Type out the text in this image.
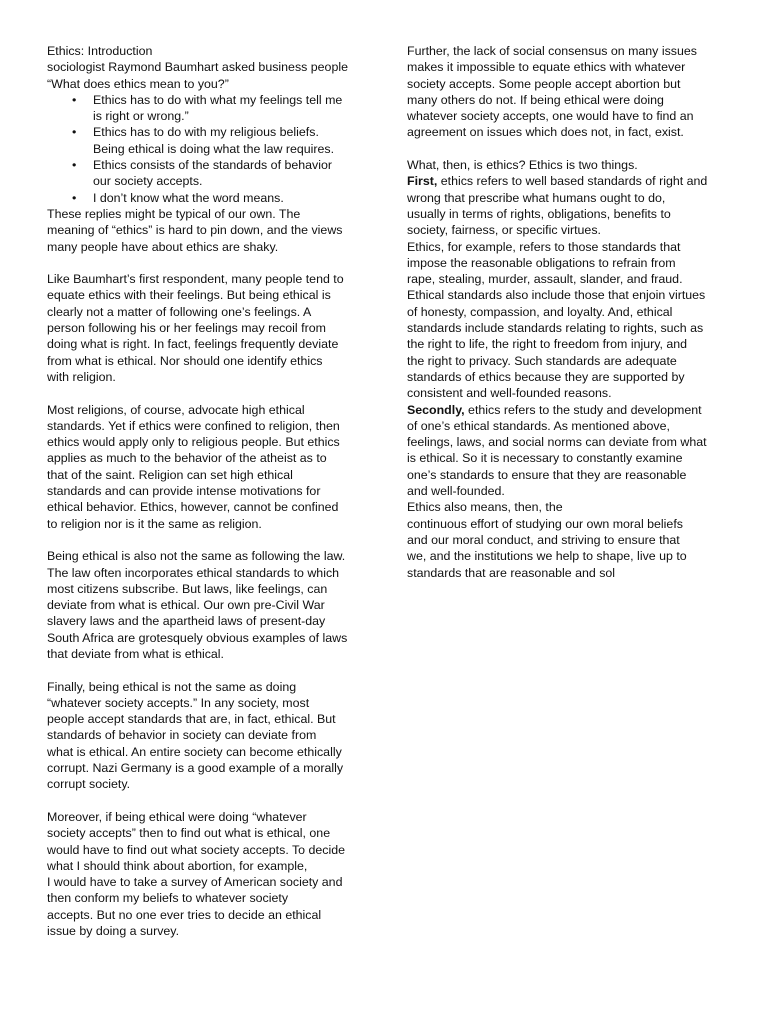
Ethics: Introduction

sociologist Raymond Baumhart asked business people
“What does ethics mean to you?”

• Ethics has to do with what my feelings tell me
is right or wrong.”
• Ethics has to do with my religious beliefs.
Being ethical is doing what the law requires.
• Ethics consists of the standards of behavior
our society accepts.
• I don’t know what the word means.

These replies might be typical of our own. The
meaning of “ethics” is hard to pin down, and the views
many people have about ethics are shaky.

Like Baumhart’s first respondent, many people tend to
equate ethics with their feelings. But being ethical is
clearly not a matter of following one’s feelings. A
person following his or her feelings may recoil from
doing what is right. In fact, feelings frequently deviate
from what is ethical. Nor should one identify ethics
with religion.

Most religions, of course, advocate high ethical
standards. Yet if ethics were confined to religion, then
ethics would apply only to religious people. But ethics
applies as much to the behavior of the atheist as to
that of the saint. Religion can set high ethical
standards and can provide intense motivations for
ethical behavior. Ethics, however, cannot be confined
to religion nor is it the same as religion.

Being ethical is also not the same as following the law.
The law often incorporates ethical standards to which
most citizens subscribe. But laws, like feelings, can
deviate from what is ethical. Our own pre-Civil War
slavery laws and the apartheid laws of present-day
South Africa are grotesquely obvious examples of laws
that deviate from what is ethical.

Finally, being ethical is not the same as doing
“whatever society accepts.” In any society, most
people accept standards that are, in fact, ethical. But
standards of behavior in society can deviate from
what is ethical. An entire society can become ethically
corrupt. Nazi Germany is a good example of a morally
corrupt society.

Moreover, if being ethical were doing “whatever
society accepts” then to find out what is ethical, one
would have to find out what society accepts. To decide
what I should think about abortion, for example,
I would have to take a survey of American society and
then conform my beliefs to whatever society
accepts. But no one ever tries to decide an ethical
issue by doing a survey.

Further, the lack of social consensus on many issues
makes it impossible to equate ethics with whatever
society accepts. Some people accept abortion but
many others do not. If being ethical were doing
whatever society accepts, one would have to find an
agreement on issues which does not, in fact, exist.

What, then, is ethics? Ethics is two things.

First, ethics refers to well based standards of right and
wrong that prescribe what humans ought to do,
usually in terms of rights, obligations, benefits to
society, fairness, or specific virtues.

Ethics, for example, refers to those standards that
impose the reasonable obligations to refrain from
rape, stealing, murder, assault, slander, and fraud.
Ethical standards also include those that enjoin virtues
of honesty, compassion, and loyalty. And, ethical
standards include standards relating to rights, such as
the right to life, the right to freedom from injury, and
the right to privacy. Such standards are adequate
standards of ethics because they are supported by
consistent and well-founded reasons.

Secondly, ethics refers to the study and development
of one’s ethical standards. As mentioned above,
feelings, laws, and social norms can deviate from what
is ethical. So it is necessary to constantly examine
one’s standards to ensure that they are reasonable
and well-founded.

Ethics also means, then, the
continuous effort of studying our own moral beliefs
and our moral conduct, and striving to ensure that
we, and the institutions we help to shape, live up to
standards that are reasonable and sol
